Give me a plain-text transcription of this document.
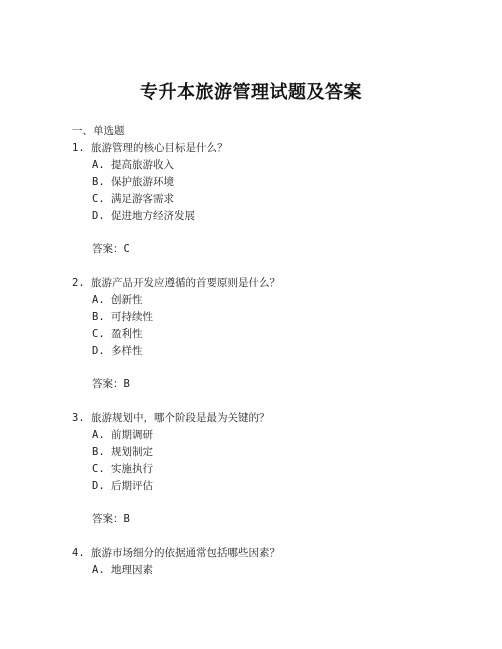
专升本旅游管理试题及答案
一、单选题
1. 旅游管理的核心目标是什么？
A. 提高旅游收入
B. 保护旅游环境
C. 满足游客需求
D. 促进地方经济发展
答案：C
2. 旅游产品开发应遵循的首要原则是什么？
A. 创新性
B. 可持续性
C. 盈利性
D. 多样性
答案：B
3. 旅游规划中，哪个阶段是最为关键的？
A. 前期调研
B. 规划制定
C. 实施执行
D. 后期评估
答案：B
4. 旅游市场细分的依据通常包括哪些因素？
A. 地理因素
